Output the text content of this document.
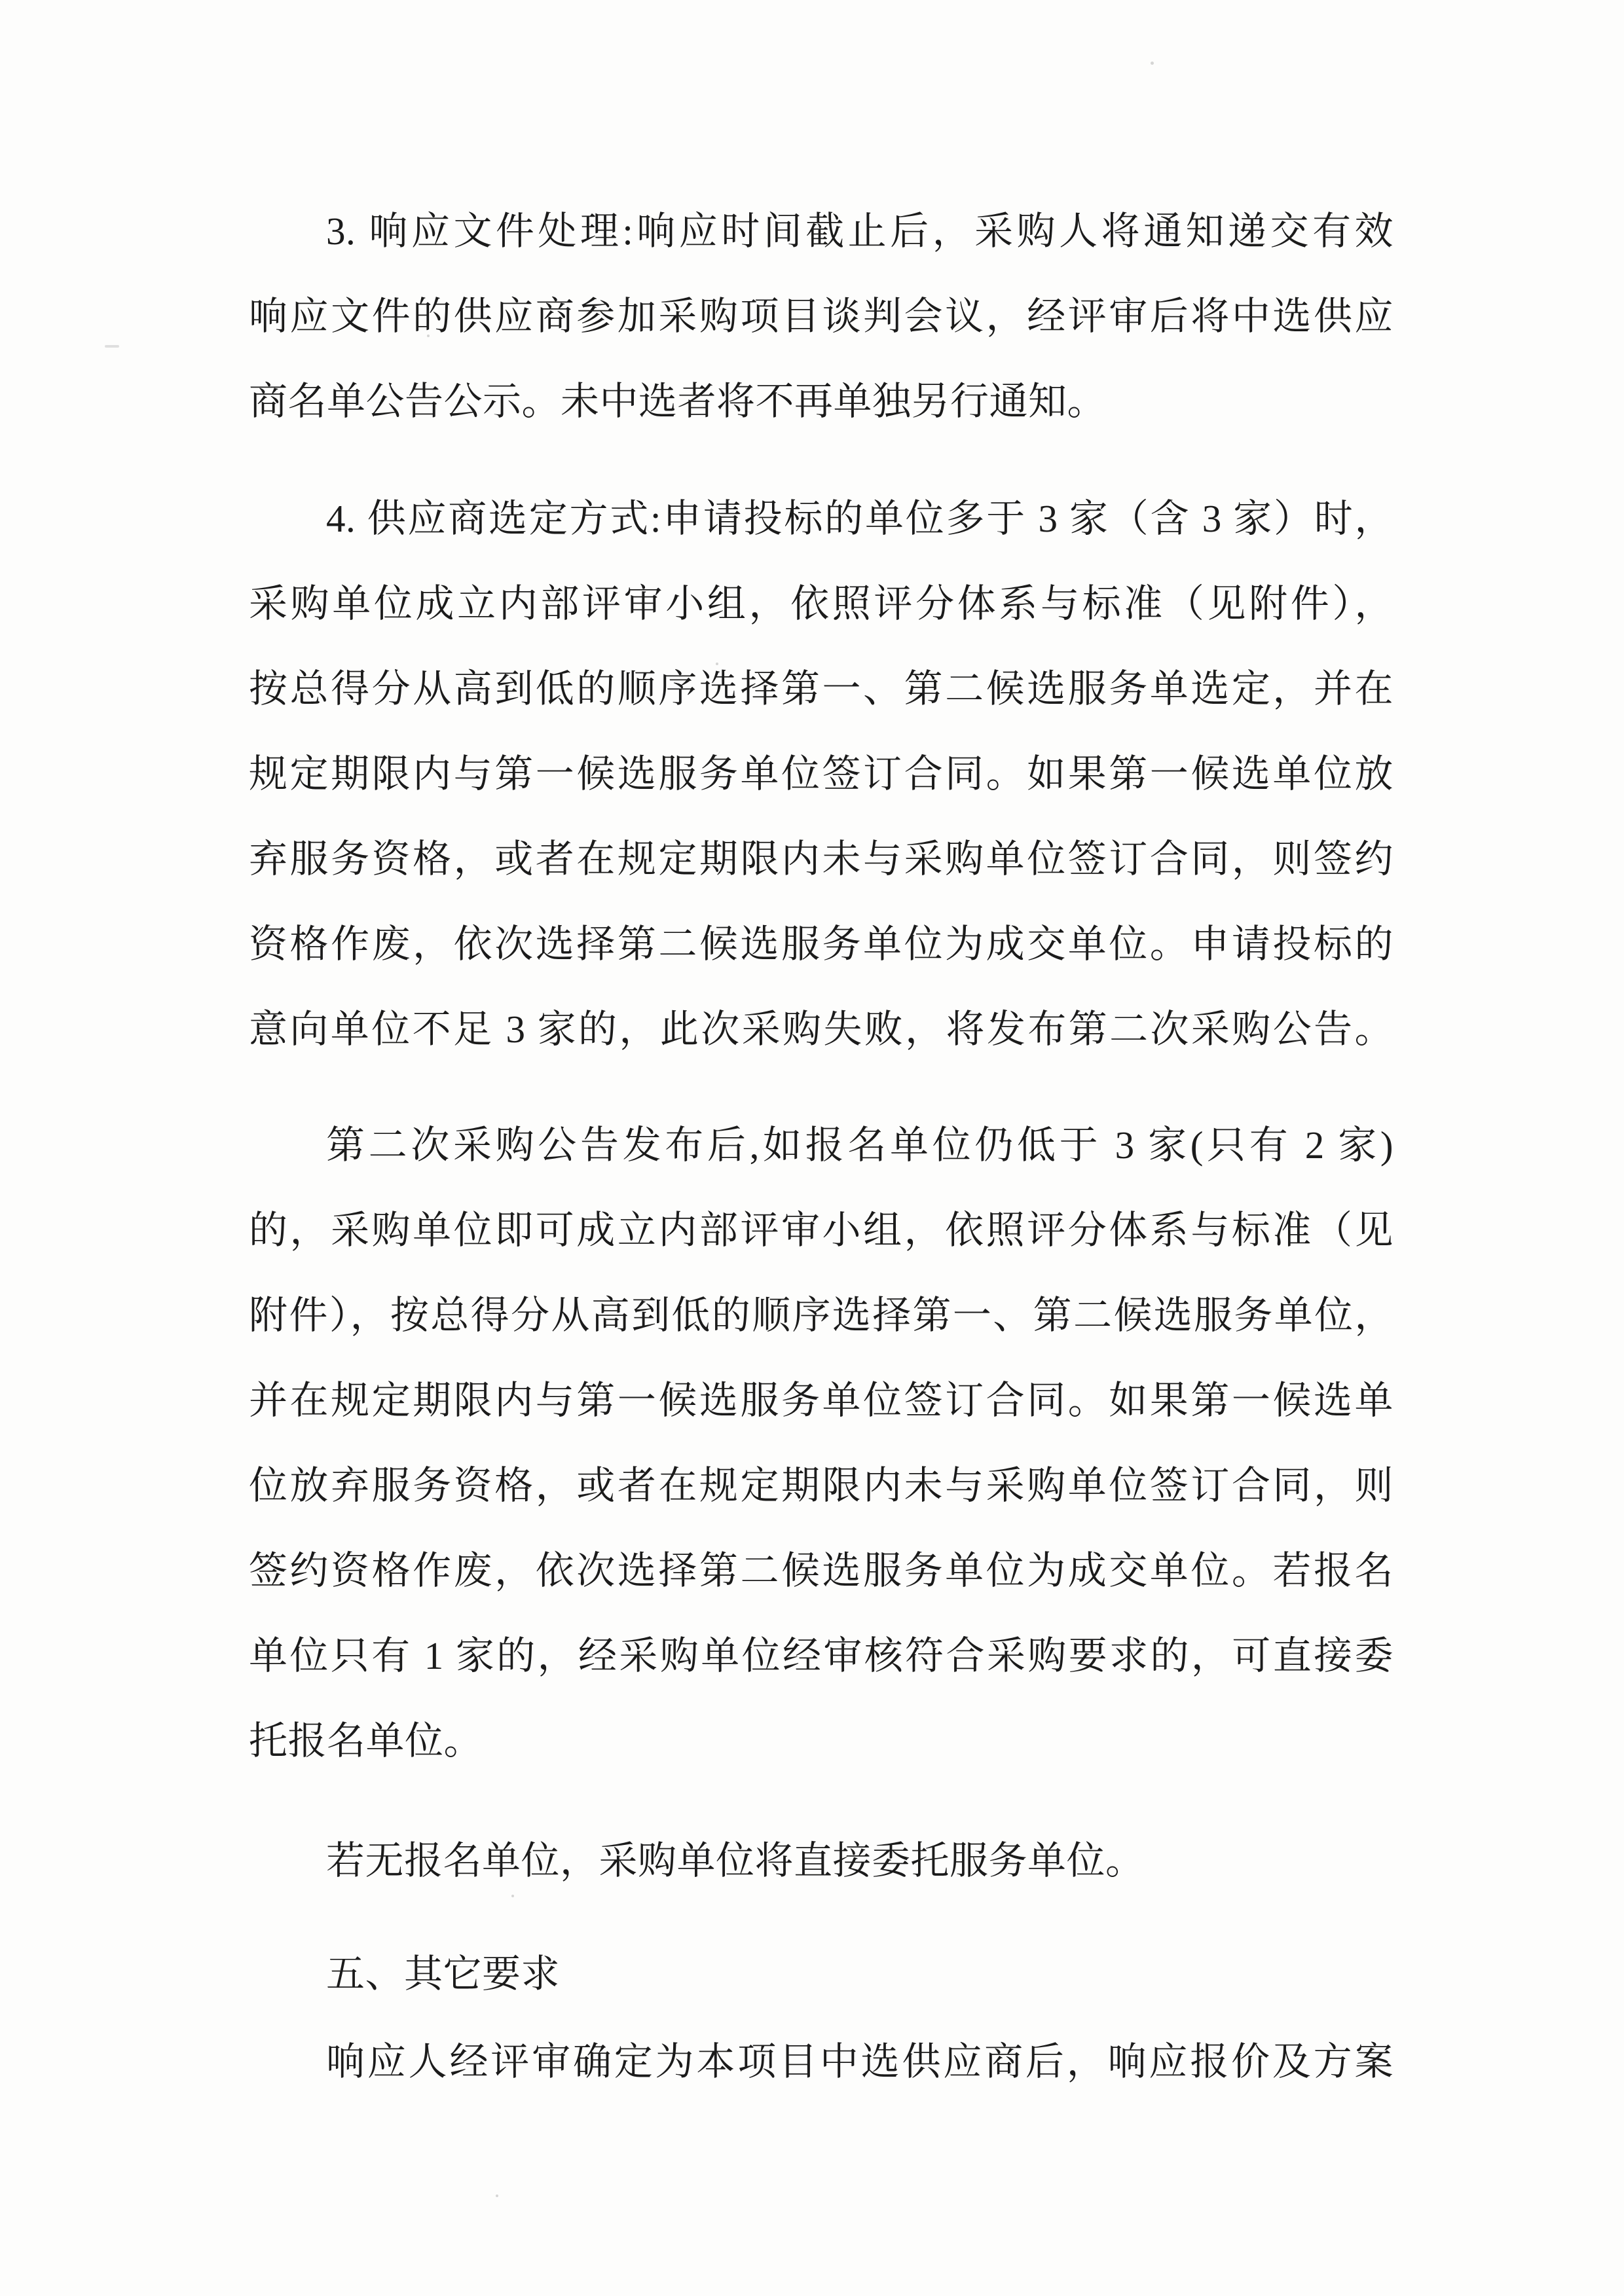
3. 响应文件处理:响应时间截止后，采购人将通知递交有效
响应文件的供应商参加采购项目谈判会议，经评审后将中选供应
商名单公告公示。未中选者将不再单独另行通知。
4. 供应商选定方式:申请投标的单位多于 3 家（含 3 家）时，
采购单位成立内部评审小组，依照评分体系与标准（见附件），
按总得分从高到低的顺序选择第一、第二候选服务单选定，并在
规定期限内与第一候选服务单位签订合同。如果第一候选单位放
弃服务资格，或者在规定期限内未与采购单位签订合同，则签约
资格作废，依次选择第二候选服务单位为成交单位。申请投标的
意向单位不足 3 家的，此次采购失败，将发布第二次采购公告。
第二次采购公告发布后,如报名单位仍低于 3 家(只有 2 家)
的，采购单位即可成立内部评审小组，依照评分体系与标准（见
附件），按总得分从高到低的顺序选择第一、第二候选服务单位，
并在规定期限内与第一候选服务单位签订合同。如果第一候选单
位放弃服务资格，或者在规定期限内未与采购单位签订合同，则
签约资格作废，依次选择第二候选服务单位为成交单位。若报名
单位只有 1 家的，经采购单位经审核符合采购要求的，可直接委
托报名单位。
若无报名单位，采购单位将直接委托服务单位。
五、其它要求
响应人经评审确定为本项目中选供应商后，响应报价及方案
